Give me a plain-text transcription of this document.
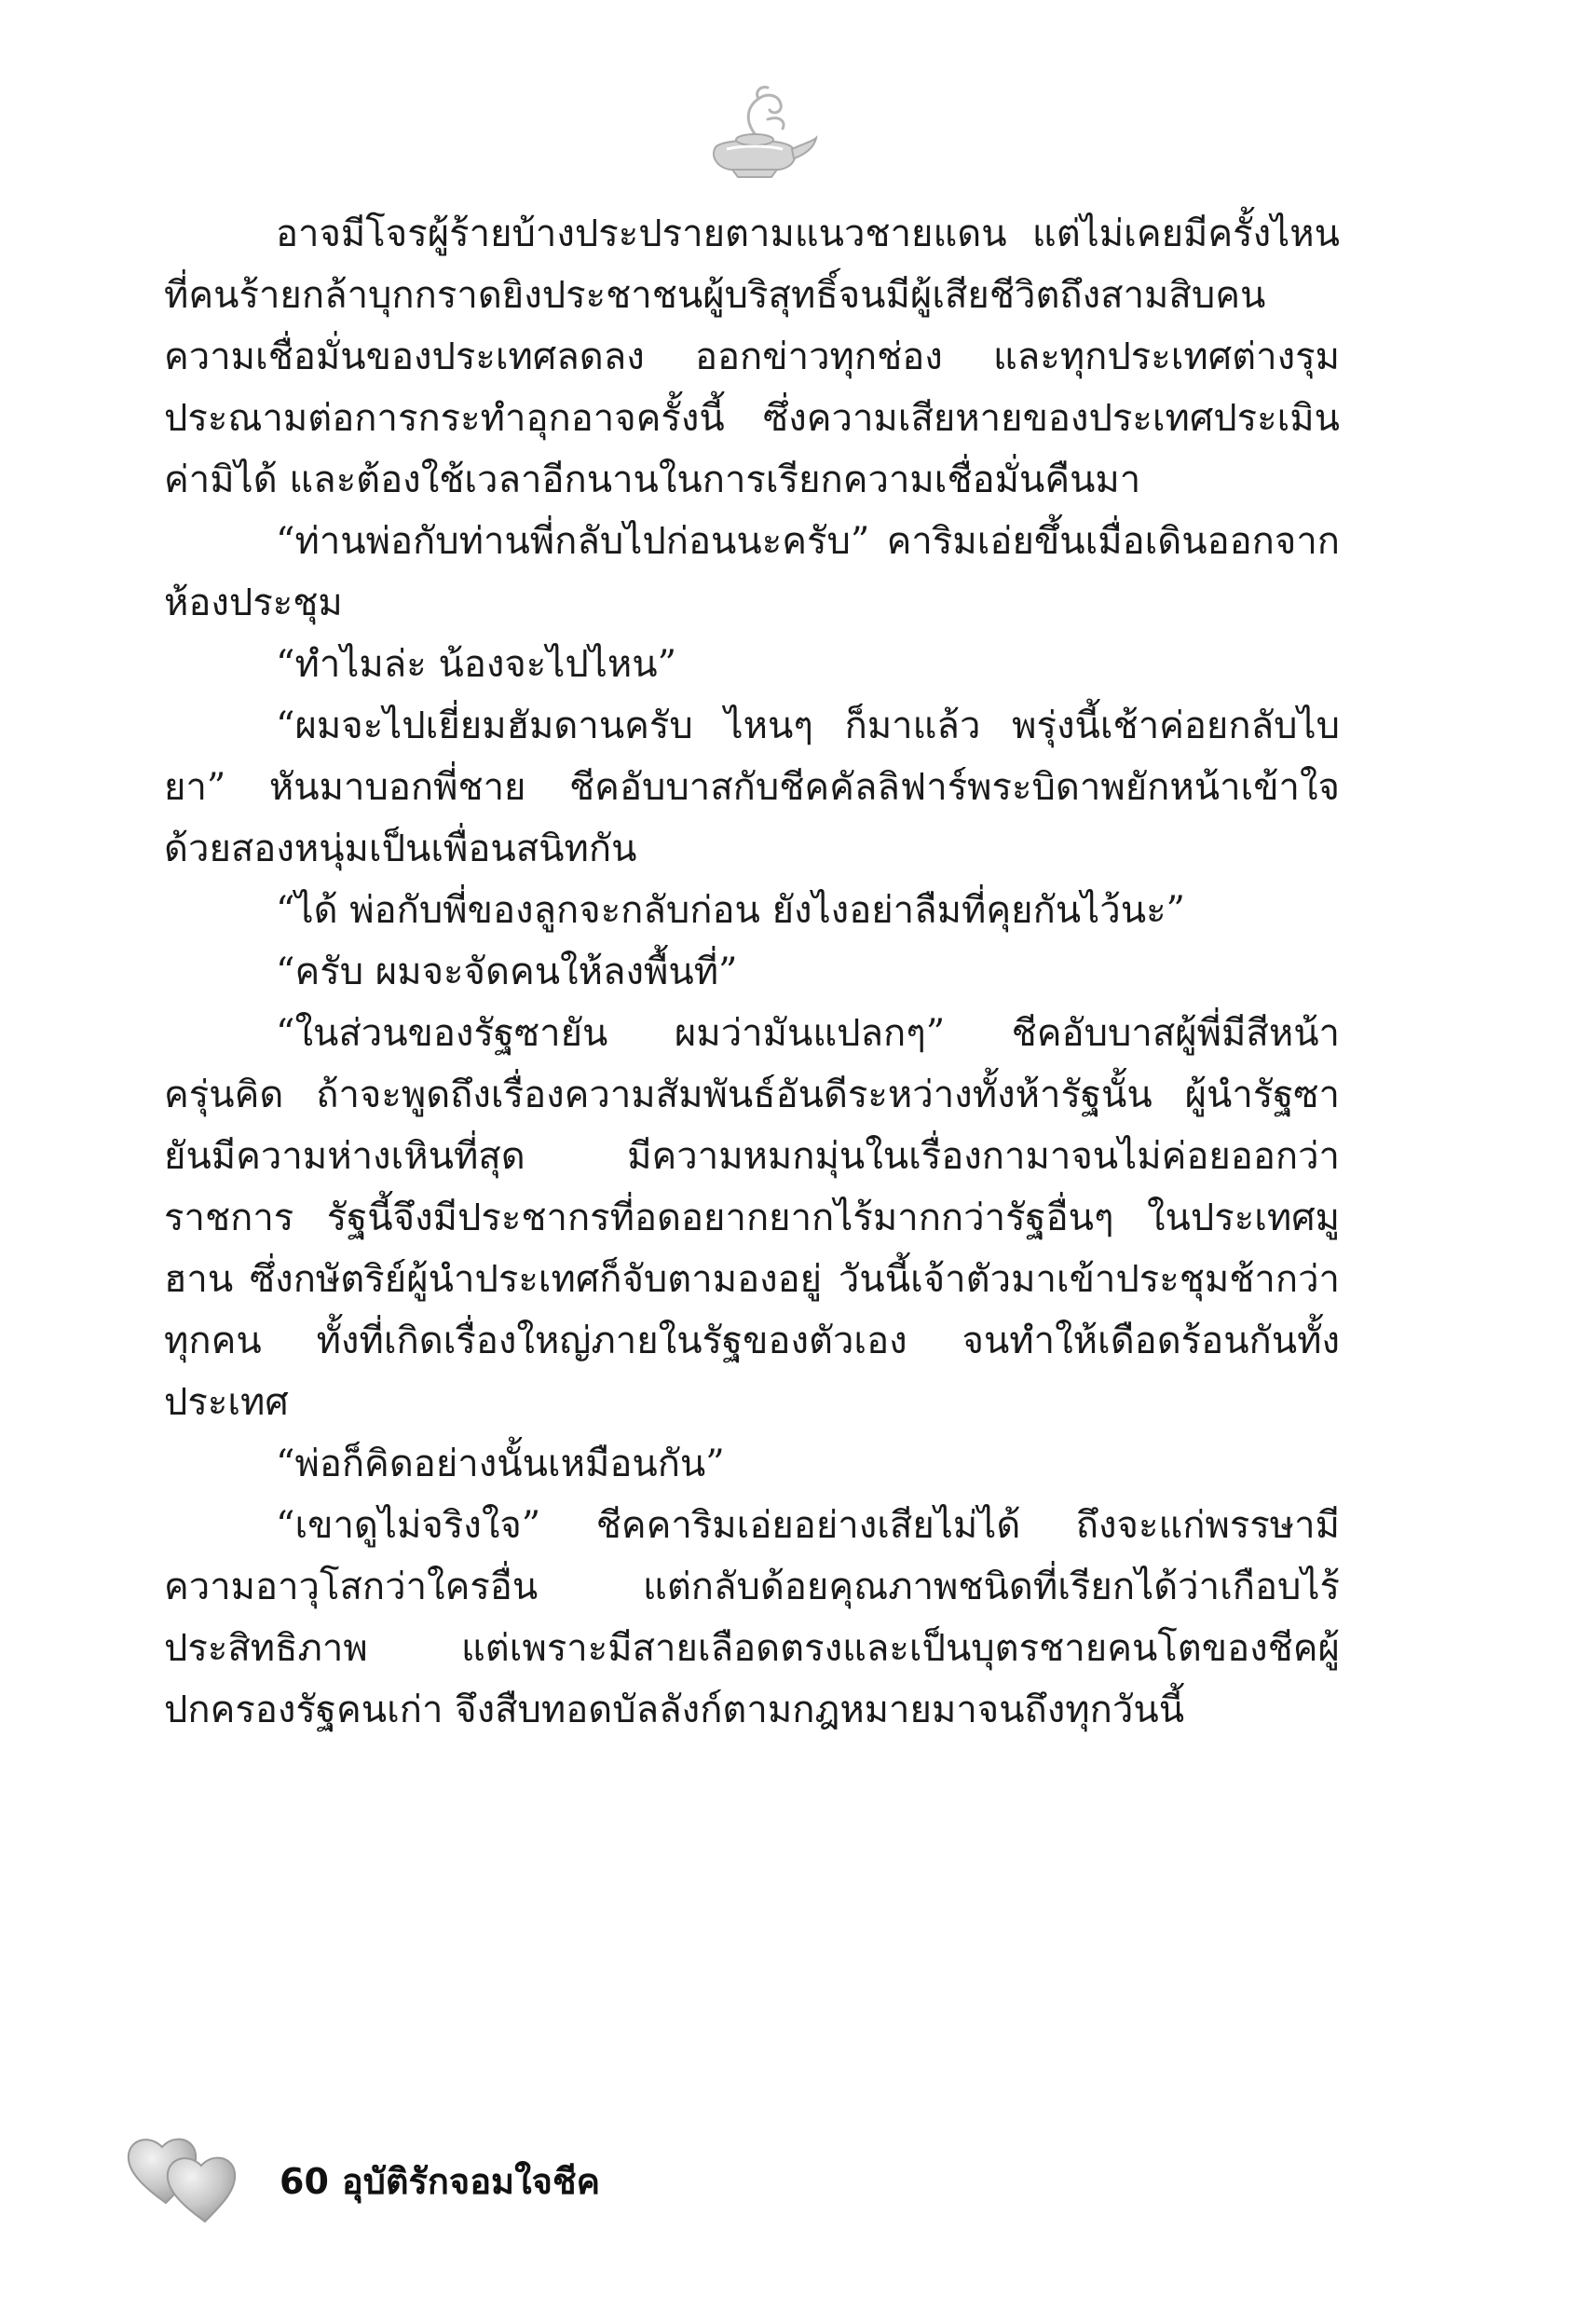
อาจมีโจรผู้ร้ายบ้างประปรายตามแนวชายแดน แต่ไม่เคยมีครั้งไหนที่คนร้ายกล้าบุกกราดยิงประชาชนผู้บริสุทธิ์จนมีผู้เสียชีวิตถึงสามสิบคน ความเชื่อมั่นของประเทศลดลง ออกข่าวทุกช่อง และทุกประเทศต่างรุมประณามต่อการกระทำอุกอาจครั้งนี้ ซึ่งความเสียหายของประเทศประเมินค่ามิได้ และต้องใช้เวลาอีกนานในการเรียกความเชื่อมั่นคืนมา

“ท่านพ่อกับท่านพี่กลับไปก่อนนะครับ” คาริมเอ่ยขึ้นเมื่อเดินออกจากห้องประชุม

“ทำไมล่ะ น้องจะไปไหน”

“ผมจะไปเยี่ยมฮัมดานครับ ไหนๆ ก็มาแล้ว พรุ่งนี้เช้าค่อยกลับไบยา” หันมาบอกพี่ชาย ชีคอับบาสกับชีคคัลลิฟาร์พระบิดาพยักหน้าเข้าใจ ด้วยสองหนุ่มเป็นเพื่อนสนิทกัน

“ได้ พ่อกับพี่ของลูกจะกลับก่อน ยังไงอย่าลืมที่คุยกันไว้นะ”

“ครับ ผมจะจัดคนให้ลงพื้นที่”

“ในส่วนของรัฐซายัน ผมว่ามันแปลกๆ” ชีคอับบาสผู้พี่มีสีหน้าครุ่นคิด ถ้าจะพูดถึงเรื่องความสัมพันธ์อันดีระหว่างทั้งห้ารัฐนั้น ผู้นำรัฐซายันมีความห่างเหินที่สุด มีความหมกมุ่นในเรื่องกามาจนไม่ค่อยออกว่าราชการ รัฐนี้จึงมีประชากรที่อดอยากยากไร้มากกว่ารัฐอื่นๆ ในประเทศมูฮาน ซึ่งกษัตริย์ผู้นำประเทศก็จับตามองอยู่ วันนี้เจ้าตัวมาเข้าประชุมช้ากว่าทุกคน ทั้งที่เกิดเรื่องใหญ่ภายในรัฐของตัวเอง จนทำให้เดือดร้อนกันทั้งประเทศ

“พ่อก็คิดอย่างนั้นเหมือนกัน”

“เขาดูไม่จริงใจ” ชีคคาริมเอ่ยอย่างเสียไม่ได้ ถึงจะแก่พรรษามีความอาวุโสกว่าใครอื่น แต่กลับด้อยคุณภาพชนิดที่เรียกได้ว่าเกือบไร้ประสิทธิภาพ แต่เพราะมีสายเลือดตรงและเป็นบุตรชายคนโตของชีคผู้ปกครองรัฐคนเก่า จึงสืบทอดบัลลังก์ตามกฎหมายมาจนถึงทุกวันนี้

60 อุบัติรักจอมใจชีค
